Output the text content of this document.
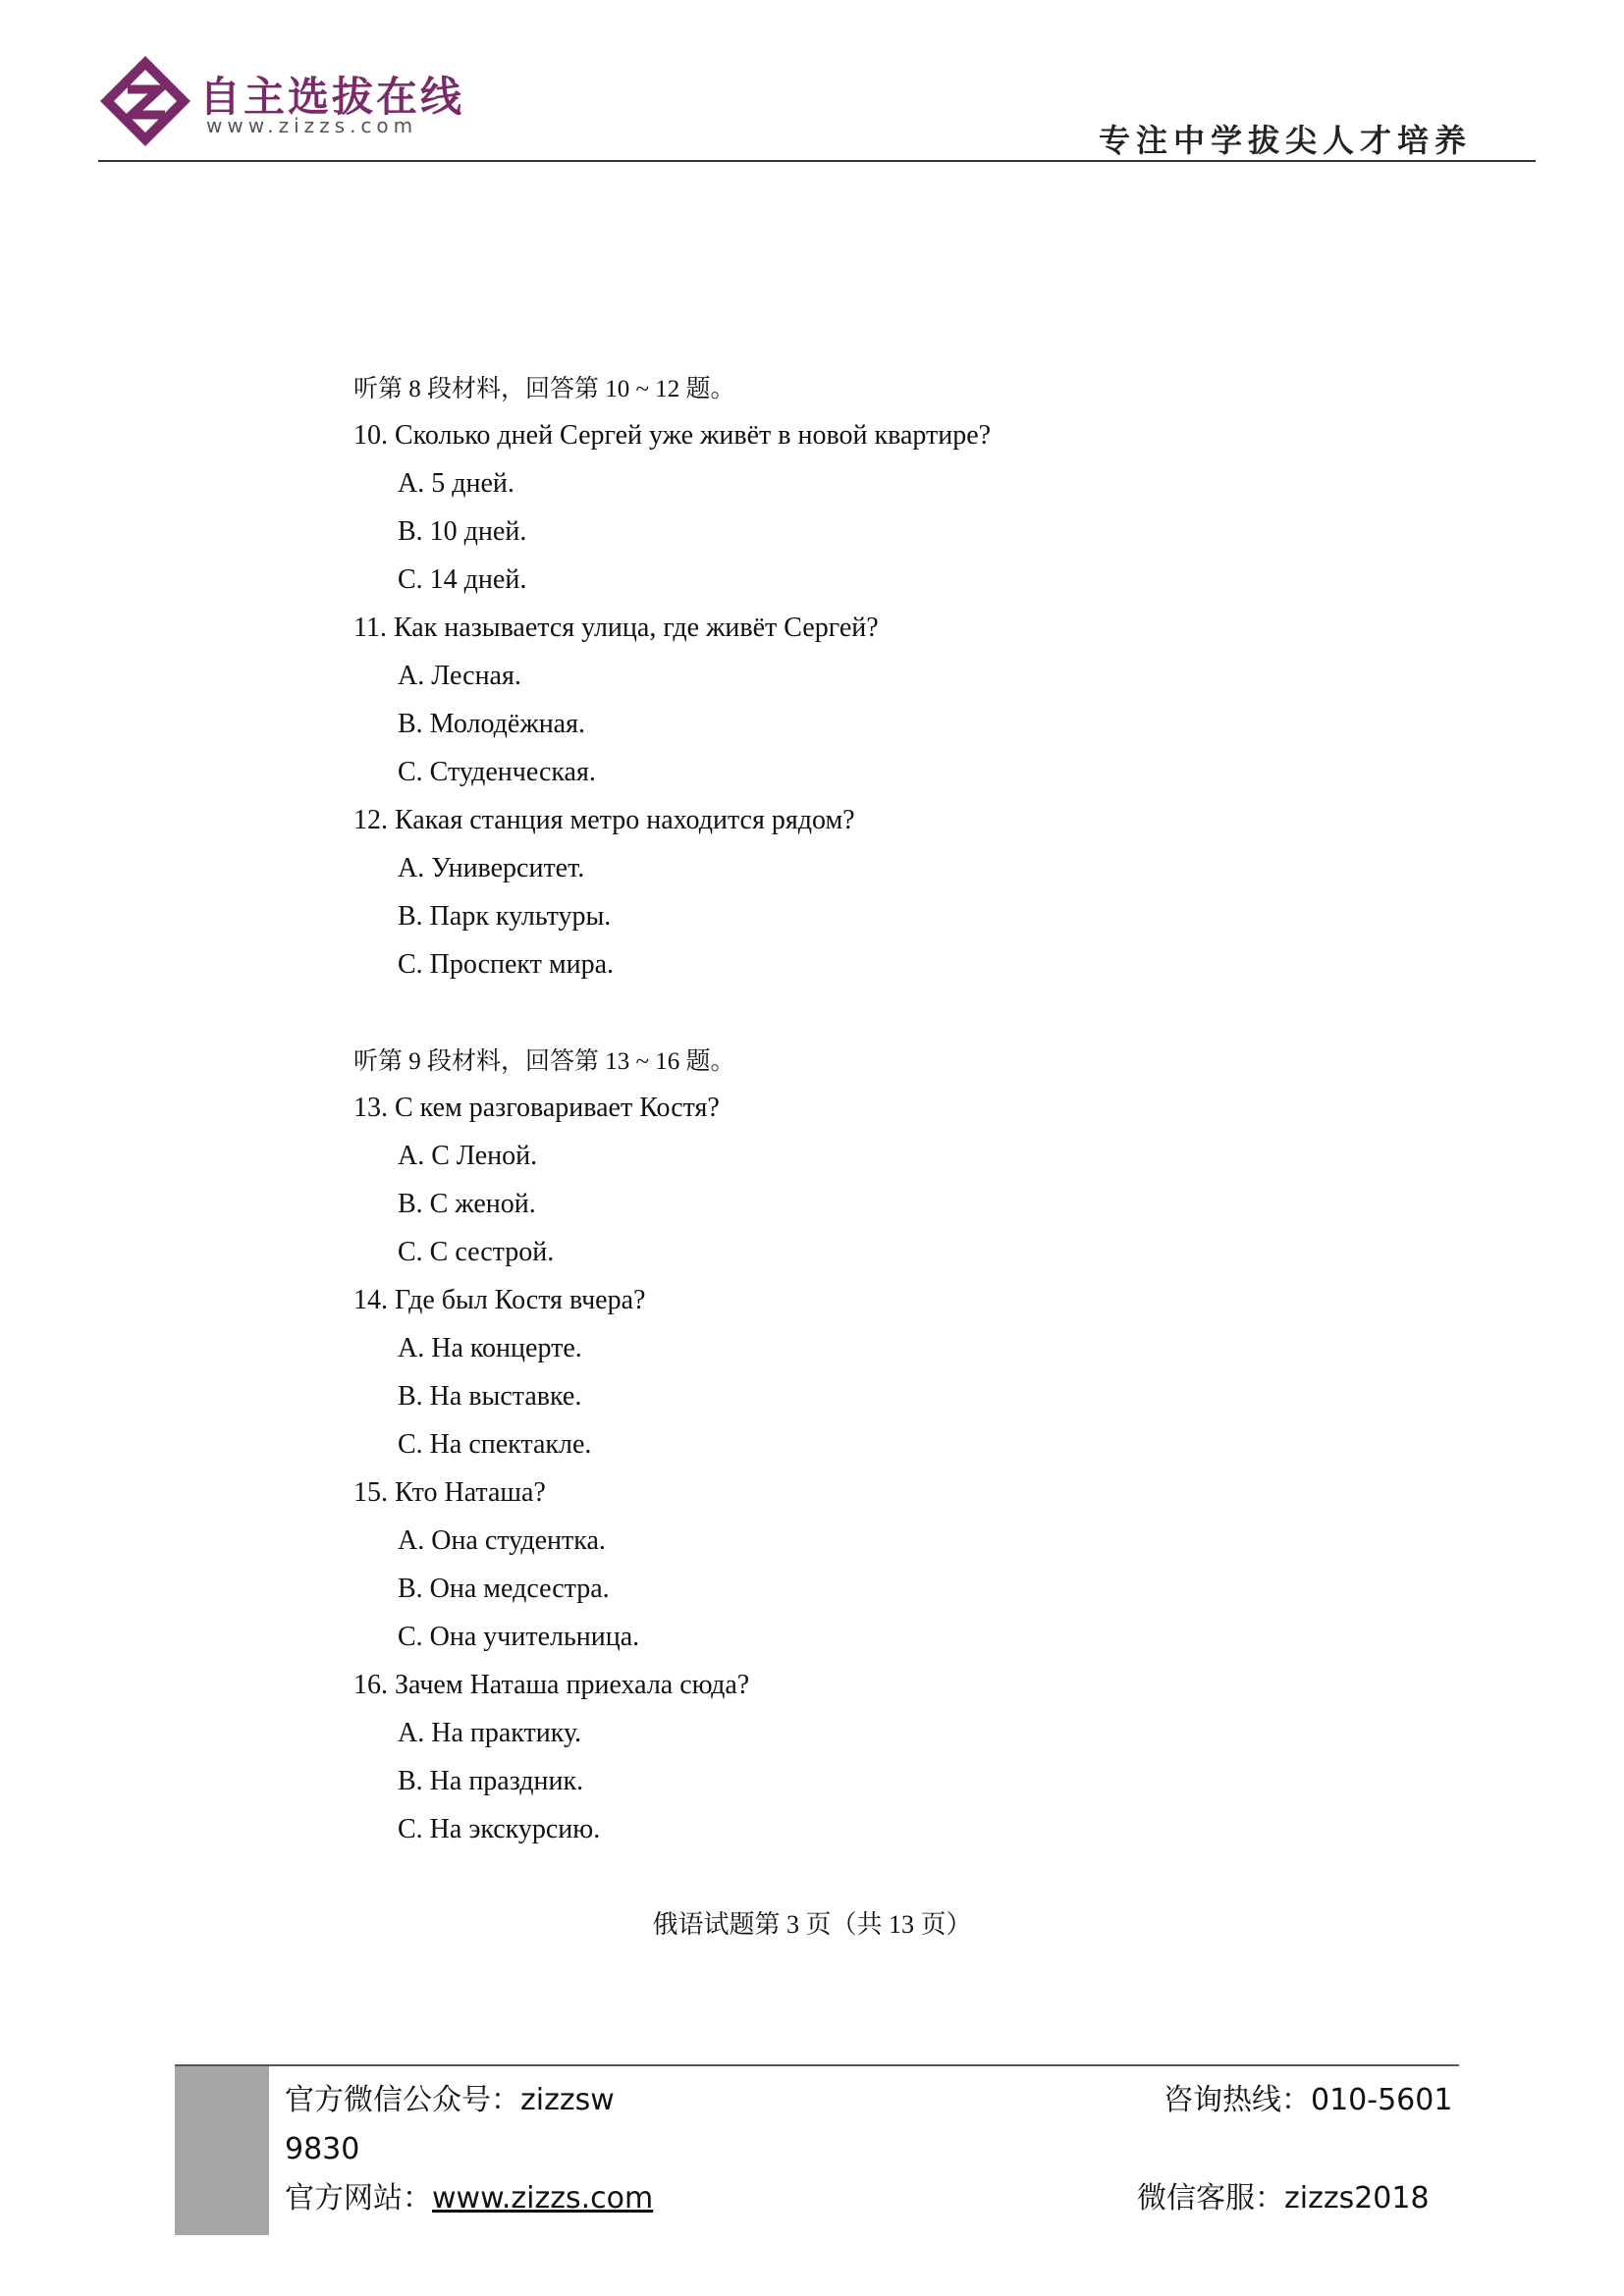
自主选拔在线
www.zizzs.com	专注中学拔尖人才培养
听第 8 段材料，回答第 10 ~ 12 题。
10. Сколько дней Сергей уже живёт в новой квартире?
A. 5 дней.
B. 10 дней.
C. 14 дней.
11. Как называется улица, где живёт Сергей?
A. Лесная.
B. Молодёжная.
C. Студенческая.
12. Какая станция метро находится рядом?
A. Университет.
B. Парк культуры.
C. Проспект мира.
听第 9 段材料，回答第 13 ~ 16 题。
13. С кем разговаривает Костя?
A. С Леной.
B. С женой.
C. С сестрой.
14. Где был Костя вчера?
A. На концерте.
B. На выставке.
C. На спектакле.
15. Кто Наташа?
A. Она студентка.
B. Она медсестра.
C. Она учительница.
16. Зачем Наташа приехала сюда?
A. На практику.
B. На праздник.
C. На экскурсию.
俄语试题第 3 页（共 13 页）
官方微信公众号：zizzsw
9830
官方网站：www.zizzs.com
咨询热线：010-5601
微信客服：zizzs2018
